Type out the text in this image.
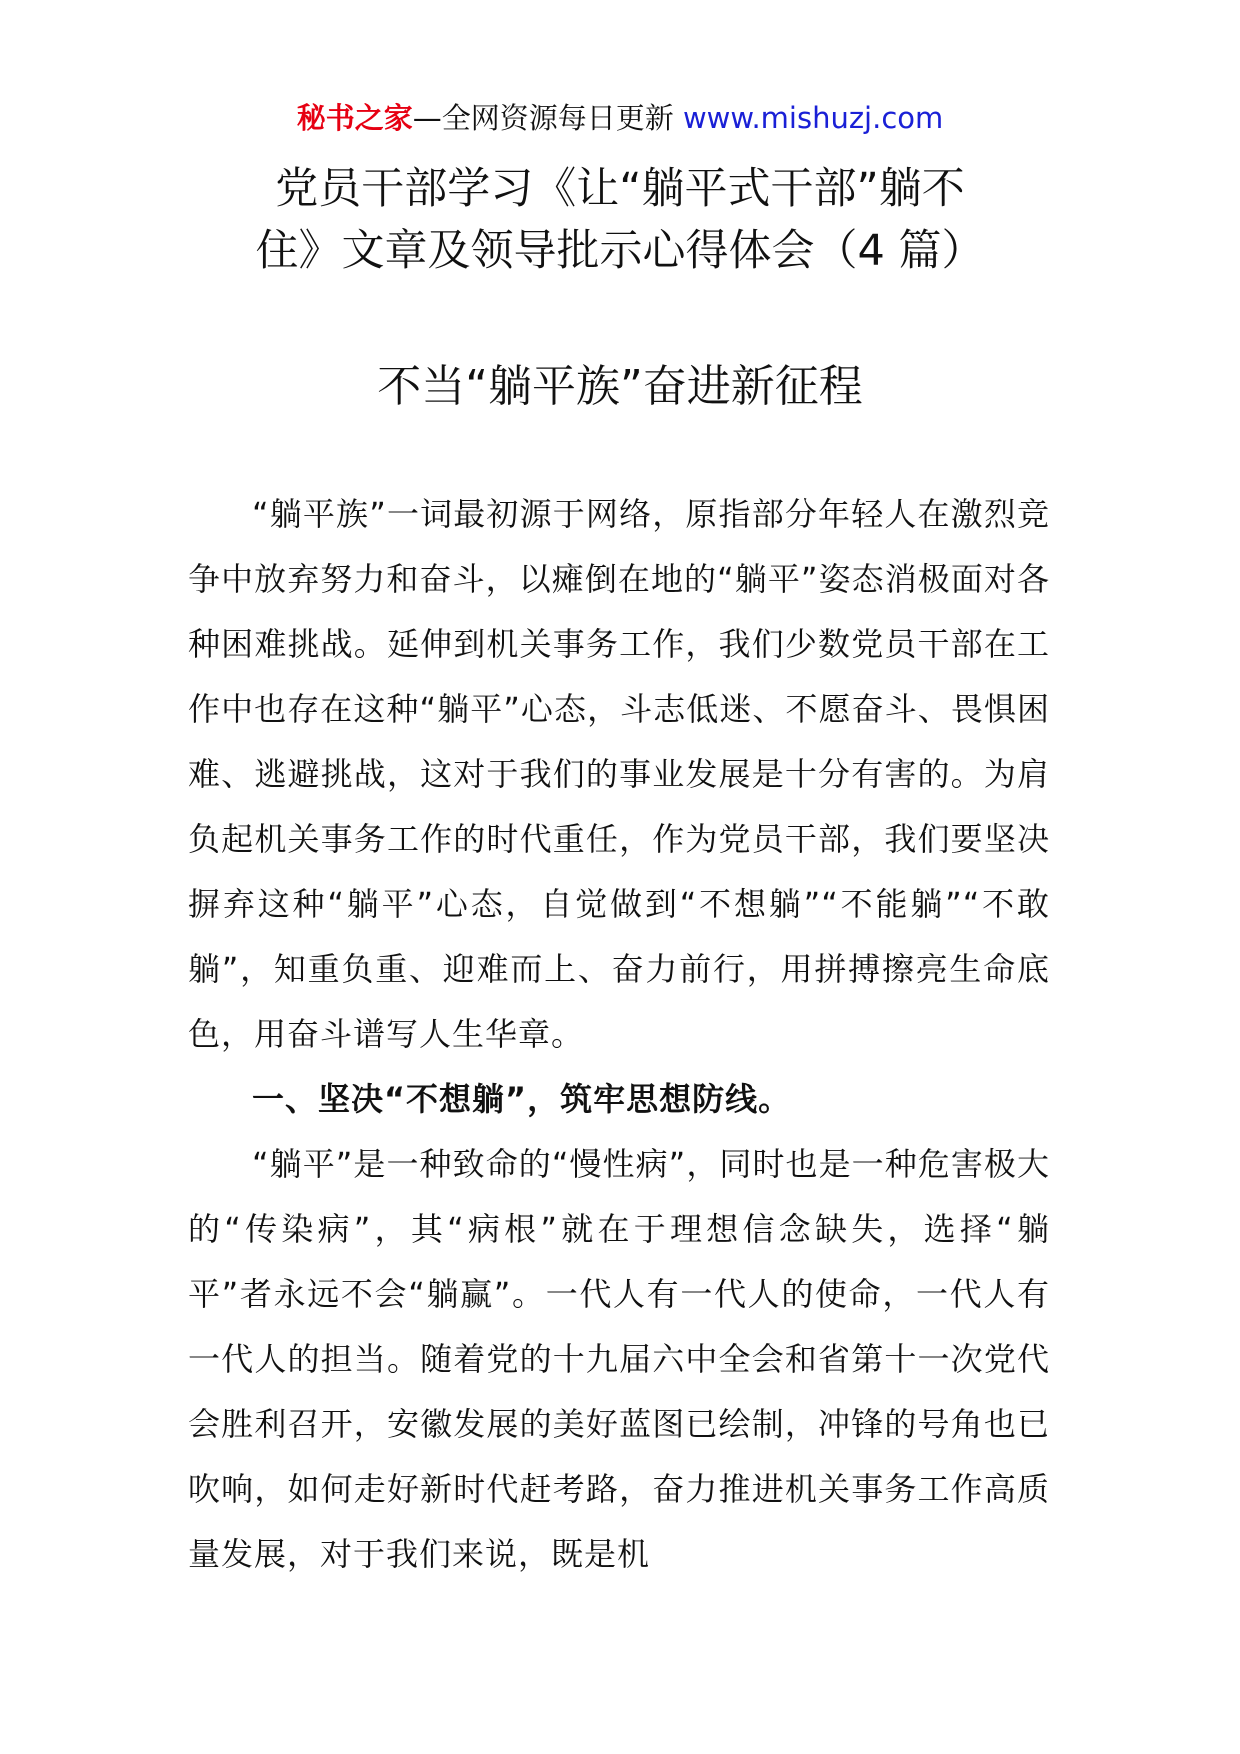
秘书之家—全网资源每日更新 www.mishuzj.com
党员干部学习《让“躺平式干部”躺不
住》文章及领导批示心得体会（4 篇）
不当“躺平族”奋进新征程

“躺平族”一词最初源于网络，原指部分年轻人在激烈竞争中放弃努力和奋斗，以瘫倒在地的“躺平”姿态消极面对各种困难挑战。延伸到机关事务工作，我们少数党员干部在工作中也存在这种“躺平”心态，斗志低迷、不愿奋斗、畏惧困难、逃避挑战，这对于我们的事业发展是十分有害的。为肩负起机关事务工作的时代重任，作为党员干部，我们要坚决摒弃这种“躺平”心态，自觉做到“不想躺”“不能躺”“不敢躺”，知重负重、迎难而上、奋力前行，用拼搏擦亮生命底色，用奋斗谱写人生华章。

一、坚决“不想躺”，筑牢思想防线。

“躺平”是一种致命的“慢性病”，同时也是一种危害极大的“传染病”，其“病根”就在于理想信念缺失，选择“躺平”者永远不会“躺赢”。一代人有一代人的使命，一代人有一代人的担当。随着党的十九届六中全会和省第十一次党代会胜利召开，安徽发展的美好蓝图已绘制，冲锋的号角也已吹响，如何走好新时代赶考路，奋力推进机关事务工作高质量发展，对于我们来说，既是机
